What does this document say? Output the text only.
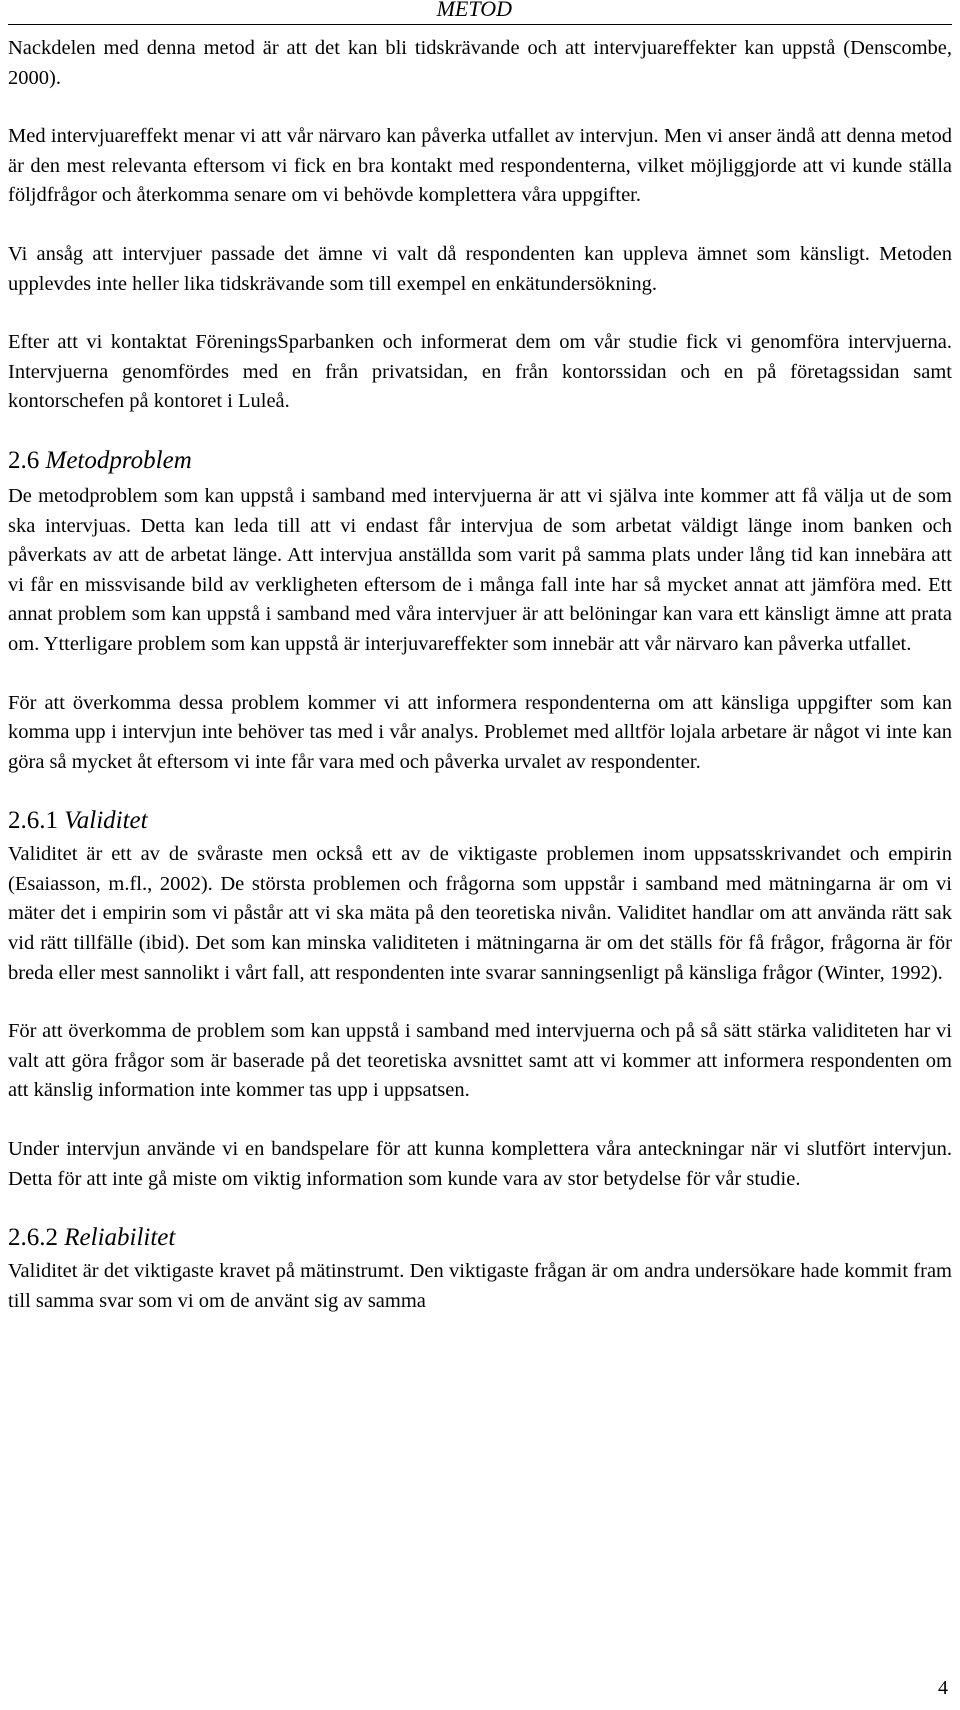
METOD

Nackdelen med denna metod är att det kan bli tidskrävande och att intervjuareffekter kan uppstå (Denscombe, 2000).

Med intervjuareffekt menar vi att vår närvaro kan påverka utfallet av intervjun. Men vi anser ändå att denna metod är den mest relevanta eftersom vi fick en bra kontakt med respondenterna, vilket möjliggjorde att vi kunde ställa följdfrågor och återkomma senare om vi behövde komplettera våra uppgifter.

Vi ansåg att intervjuer passade det ämne vi valt då respondenten kan uppleva ämnet som känsligt. Metoden upplevdes inte heller lika tidskrävande som till exempel en enkätundersökning.

Efter att vi kontaktat FöreningsSparbanken och informerat dem om vår studie fick vi genomföra intervjuerna. Intervjuerna genomfördes med en från privatsidan, en från kontorssidan och en på företagssidan samt kontorschefen på kontoret i Luleå.

2.6 Metodproblem

De metodproblem som kan uppstå i samband med intervjuerna är att vi själva inte kommer att få välja ut de som ska intervjuas. Detta kan leda till att vi endast får intervjua de som arbetat väldigt länge inom banken och påverkats av att de arbetat länge. Att intervjua anställda som varit på samma plats under lång tid kan innebära att vi får en missvisande bild av verkligheten eftersom de i många fall inte har så mycket annat att jämföra med. Ett annat problem som kan uppstå i samband med våra intervjuer är att belöningar kan vara ett känsligt ämne att prata om. Ytterligare problem som kan uppstå är interjuvareffekter som innebär att vår närvaro kan påverka utfallet.

För att överkomma dessa problem kommer vi att informera respondenterna om att känsliga uppgifter som kan komma upp i intervjun inte behöver tas med i vår analys. Problemet med alltför lojala arbetare är något vi inte kan göra så mycket åt eftersom vi inte får vara med och påverka urvalet av respondenter.

2.6.1 Validitet

Validitet är ett av de svåraste men också ett av de viktigaste problemen inom uppsatsskrivandet och empirin (Esaiasson, m.fl., 2002). De största problemen och frågorna som uppstår i samband med mätningarna är om vi mäter det i empirin som vi påstår att vi ska mäta på den teoretiska nivån. Validitet handlar om att använda rätt sak vid rätt tillfälle (ibid). Det som kan minska validiteten i mätningarna är om det ställs för få frågor, frågorna är för breda eller mest sannolikt i vårt fall, att respondenten inte svarar sanningsenligt på känsliga frågor (Winter, 1992).

För att överkomma de problem som kan uppstå i samband med intervjuerna och på så sätt stärka validiteten har vi valt att göra frågor som är baserade på det teoretiska avsnittet samt att vi kommer att informera respondenten om att känslig information inte kommer tas upp i uppsatsen.

Under intervjun använde vi en bandspelare för att kunna komplettera våra anteckningar när vi slutfört intervjun. Detta för att inte gå miste om viktig information som kunde vara av stor betydelse för vår studie.

2.6.2 Reliabilitet

Validitet är det viktigaste kravet på mätinstrumt. Den viktigaste frågan är om andra undersökare hade kommit fram till samma svar som vi om de använt sig av samma

4
